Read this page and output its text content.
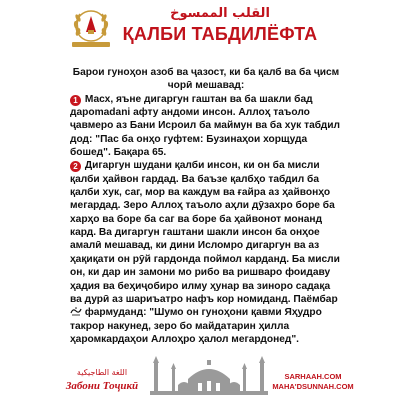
القلب الممسوخ
ҚАЛБИ ТАБДИЛЁФТА

Барои гуноҳон азоб ва ҷазост, ки ба қалб ва ба ҷисм чорӣ мешавад:

1 Масх, яъне дигаргун гаштан ва ба шакли бад дароmadani афту андоми инсон. Аллоҳ таъоло ҷавмеро аз Бани Исроил ба маймун ва ба хук табдил дод: "Пас ба онҳо гуфтем: Бузинаҳои хорщуда бошед". Бақара 65.

2 Дигаргун шудани қалби инсон, ки он ба мисли қалби ҳайвон гардад. Ва баъзе қалбҳо табдил ба қалби хук, саг, мор ва каждум ва ғайра аз ҳайвонҳо мегардад. Зеро Аллоҳ таъоло аҳли дӯзахро боре ба харҳо ва боре ба саг ва боре ба ҳайвонот монанд кард. Ва дигаргун гаштани шакли инсон ба онҳое амалӣ мешавад, ки дини Исломро дигаргун ва аз ҳақиқати он рӯй гардонда поймол карданд. Ба мисли он, ки дар ин замони мо рибо ва ришваро фоидаву ҳадия ва беҳиҷобиро илму ҳунар ва зинoро садақа ва дурӣ аз шариъатро нафъ кор номиданд. Паёмбар
фармуданд: "Шумо он гуноҳони қавми Яҳудро такрор накунед, зеро бо майдатарин ҳилла ҳаромкардаҳои Аллоҳро ҳалол мегардонед".

اللغة الطاجيكية
Забони Тоҷикӣ
SARHAAH.COM
MAHA'DSUNNAH.COM
